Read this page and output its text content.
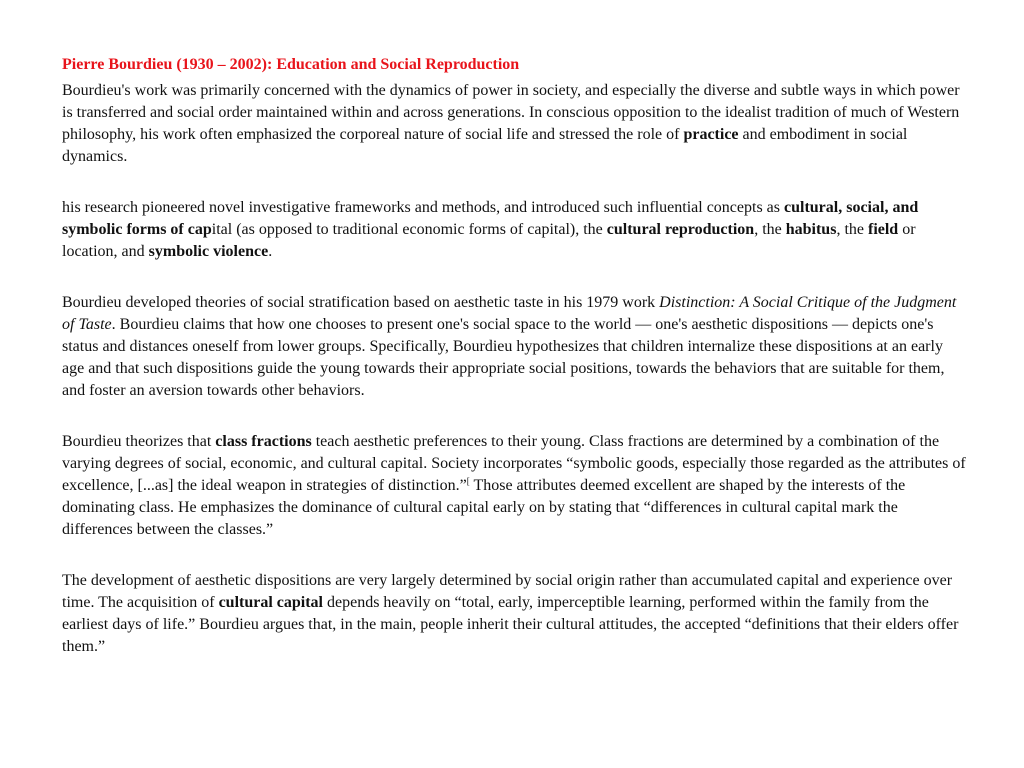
Pierre Bourdieu (1930 – 2002): Education and Social Reproduction

Bourdieu's work was primarily concerned with the dynamics of power in society, and especially the diverse and subtle ways in which power is transferred and social order maintained within and across generations. In conscious opposition to the idealist tradition of much of Western philosophy, his work often emphasized the corporeal nature of social life and stressed the role of practice and embodiment in social dynamics.

his research pioneered novel investigative frameworks and methods, and introduced such influential concepts as cultural, social, and symbolic forms of capital (as opposed to traditional economic forms of capital), the cultural reproduction, the habitus, the field or location, and symbolic violence.

Bourdieu developed theories of social stratification based on aesthetic taste in his 1979 work Distinction: A Social Critique of the Judgment of Taste. Bourdieu claims that how one chooses to present one's social space to the world — one's aesthetic dispositions — depicts one's status and distances oneself from lower groups. Specifically, Bourdieu hypothesizes that children internalize these dispositions at an early age and that such dispositions guide the young towards their appropriate social positions, towards the behaviors that are suitable for them, and foster an aversion towards other behaviors.

Bourdieu theorizes that class fractions teach aesthetic preferences to their young. Class fractions are determined by a combination of the varying degrees of social, economic, and cultural capital. Society incorporates “symbolic goods, especially those regarded as the attributes of excellence, [...as] the ideal weapon in strategies of distinction.”[ Those attributes deemed excellent are shaped by the interests of the dominating class. He emphasizes the dominance of cultural capital early on by stating that “differences in cultural capital mark the differences between the classes.”

The development of aesthetic dispositions are very largely determined by social origin rather than accumulated capital and experience over time. The acquisition of cultural capital depends heavily on “total, early, imperceptible learning, performed within the family from the earliest days of life.” Bourdieu argues that, in the main, people inherit their cultural attitudes, the accepted “definitions that their elders offer them.”
